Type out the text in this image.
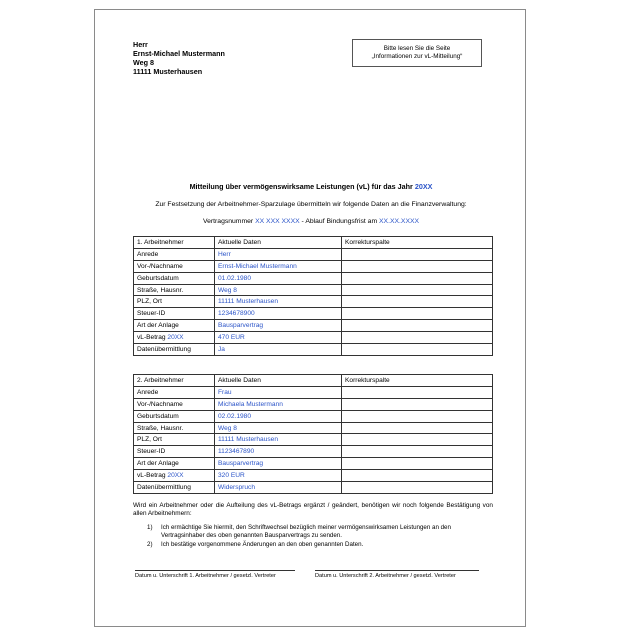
Herr
Ernst-Michael Mustermann
Weg 8
11111 Musterhausen
Bitte lesen Sie die Seite
„Informationen zur vL-Mitteilung“
Mitteilung über vermögenswirksame Leistungen (vL) für das Jahr 20XX
Zur Festsetzung der Arbeitnehmer-Sparzulage übermitteln wir folgende Daten an die Finanzverwaltung:
Vertragsnummer XX XXX XXXX - Ablauf Bindungsfrist am XX.XX.XXXX
1. Arbeitnehmer	Aktuelle Daten	Korrekturspalte
Anrede	Herr	
Vor-/Nachname	Ernst-Michael Mustermann	
Geburtsdatum	01.02.1980	
Straße, Hausnr.	Weg 8	
PLZ, Ort	11111 Musterhausen	
Steuer-ID	1234678900	
Art der Anlage	Bausparvertrag	
vL-Betrag 20XX	470 EUR	
Datenübermittlung	Ja	
2. Arbeitnehmer	Aktuelle Daten	Korrekturspalte
Anrede	Frau	
Vor-/Nachname	Michaela Mustermann	
Geburtsdatum	02.02.1980	
Straße, Hausnr.	Weg 8	
PLZ, Ort	11111 Musterhausen	
Steuer-ID	1123467890	
Art der Anlage	Bausparvertrag	
vL-Betrag 20XX	320 EUR	
Datenübermittlung	Widerspruch	
Wird ein Arbeitnehmer oder die Aufteilung des vL-Betrags ergänzt / geändert, benötigen wir noch folgende Bestätigung von allen Arbeitnehmern:
1)	Ich ermächtige Sie hiermit, den Schriftwechsel bezüglich meiner vermögenswirksamen Leistungen an den Vertragsinhaber des oben genannten Bausparvertrags zu senden.
2)	Ich bestätige vorgenommene Änderungen an den oben genannten Daten.
Datum u. Unterschrift 1. Arbeitnehmer / gesetzl. Vertreter	Datum u. Unterschrift 2. Arbeitnehmer / gesetzl. Vertreter
